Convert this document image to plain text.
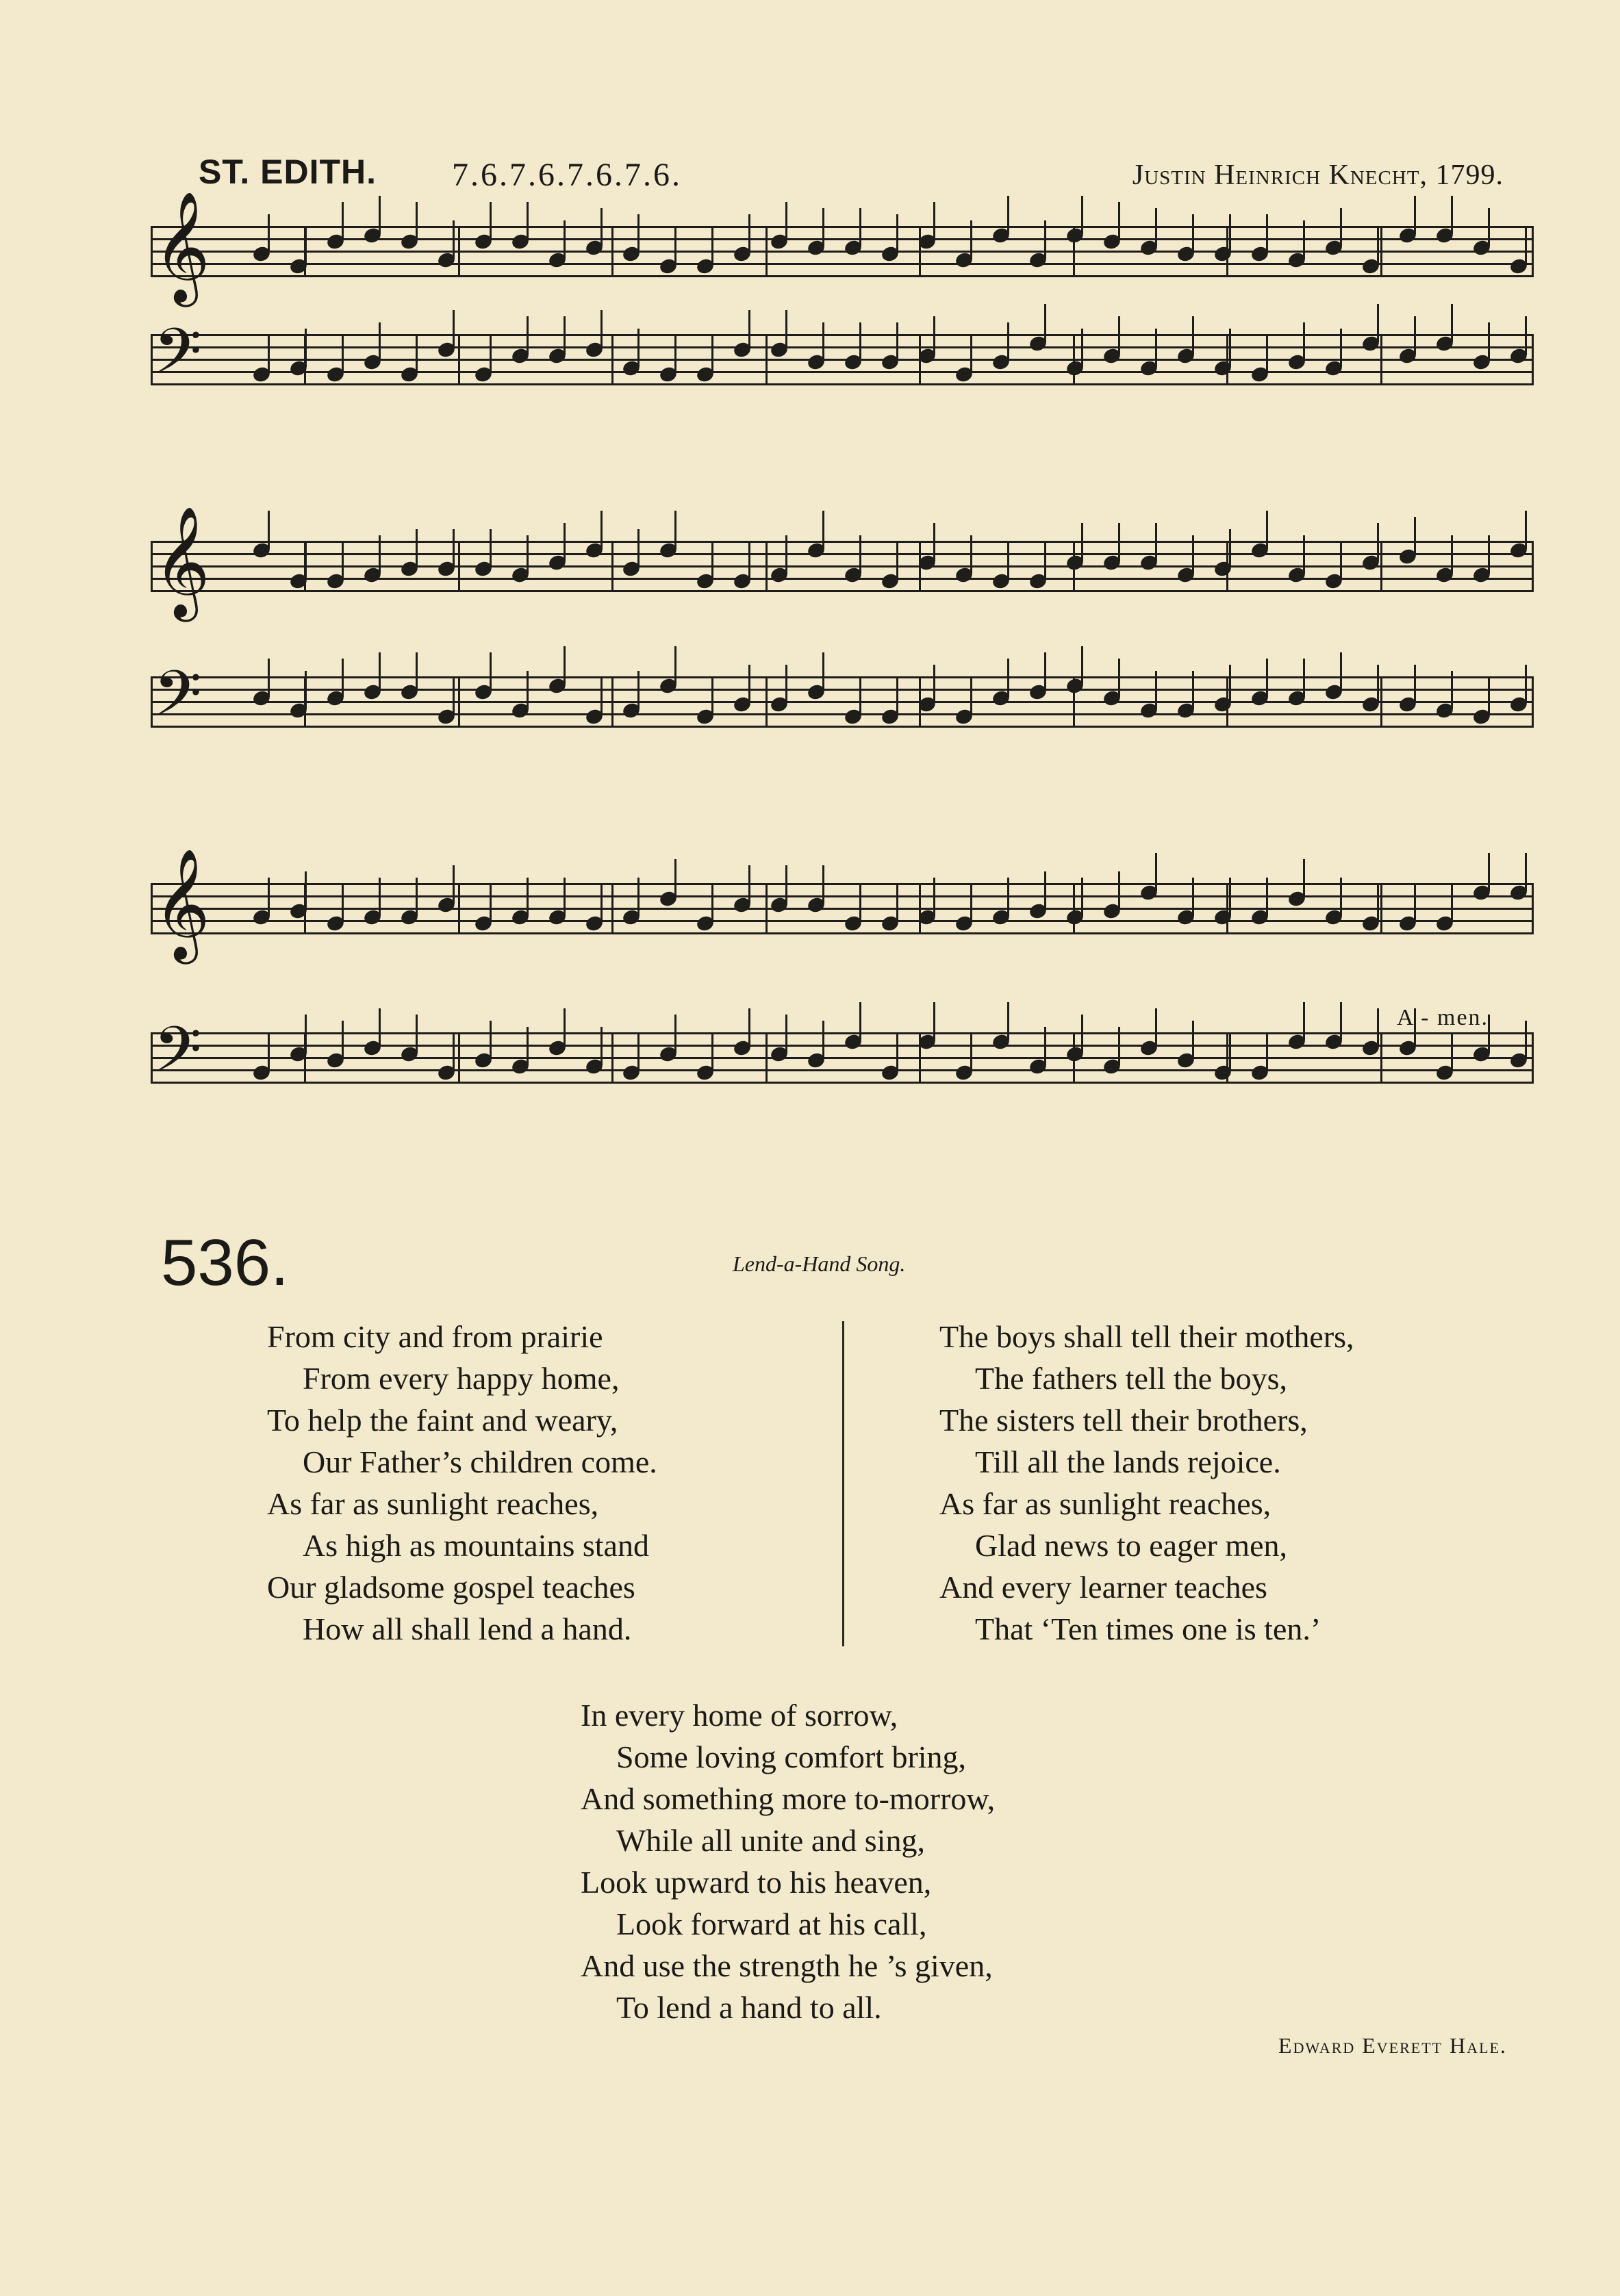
ST. EDITH. 7.6.7.6.7.6.7.6.	Justin Heinrich Knecht, 1799.
𝄞
𝄢
𝄞
𝄢
𝄞
𝄢	A - men.
536.	Lend-a-Hand Song.
From city and from prairie
From every happy home,
To help the faint and weary,
Our Father’s children come.
As far as sunlight reaches,
As high as mountains stand
Our gladsome gospel teaches
How all shall lend a hand.
The boys shall tell their mothers,
The fathers tell the boys,
The sisters tell their brothers,
Till all the lands rejoice.
As far as sunlight reaches,
Glad news to eager men,
And every learner teaches
That ‘Ten times one is ten.’
In every home of sorrow,
Some loving comfort bring,
And something more to-morrow,
While all unite and sing,
Look upward to his heaven,
Look forward at his call,
And use the strength he ’s given,
To lend a hand to all.
Edward Everett Hale.
